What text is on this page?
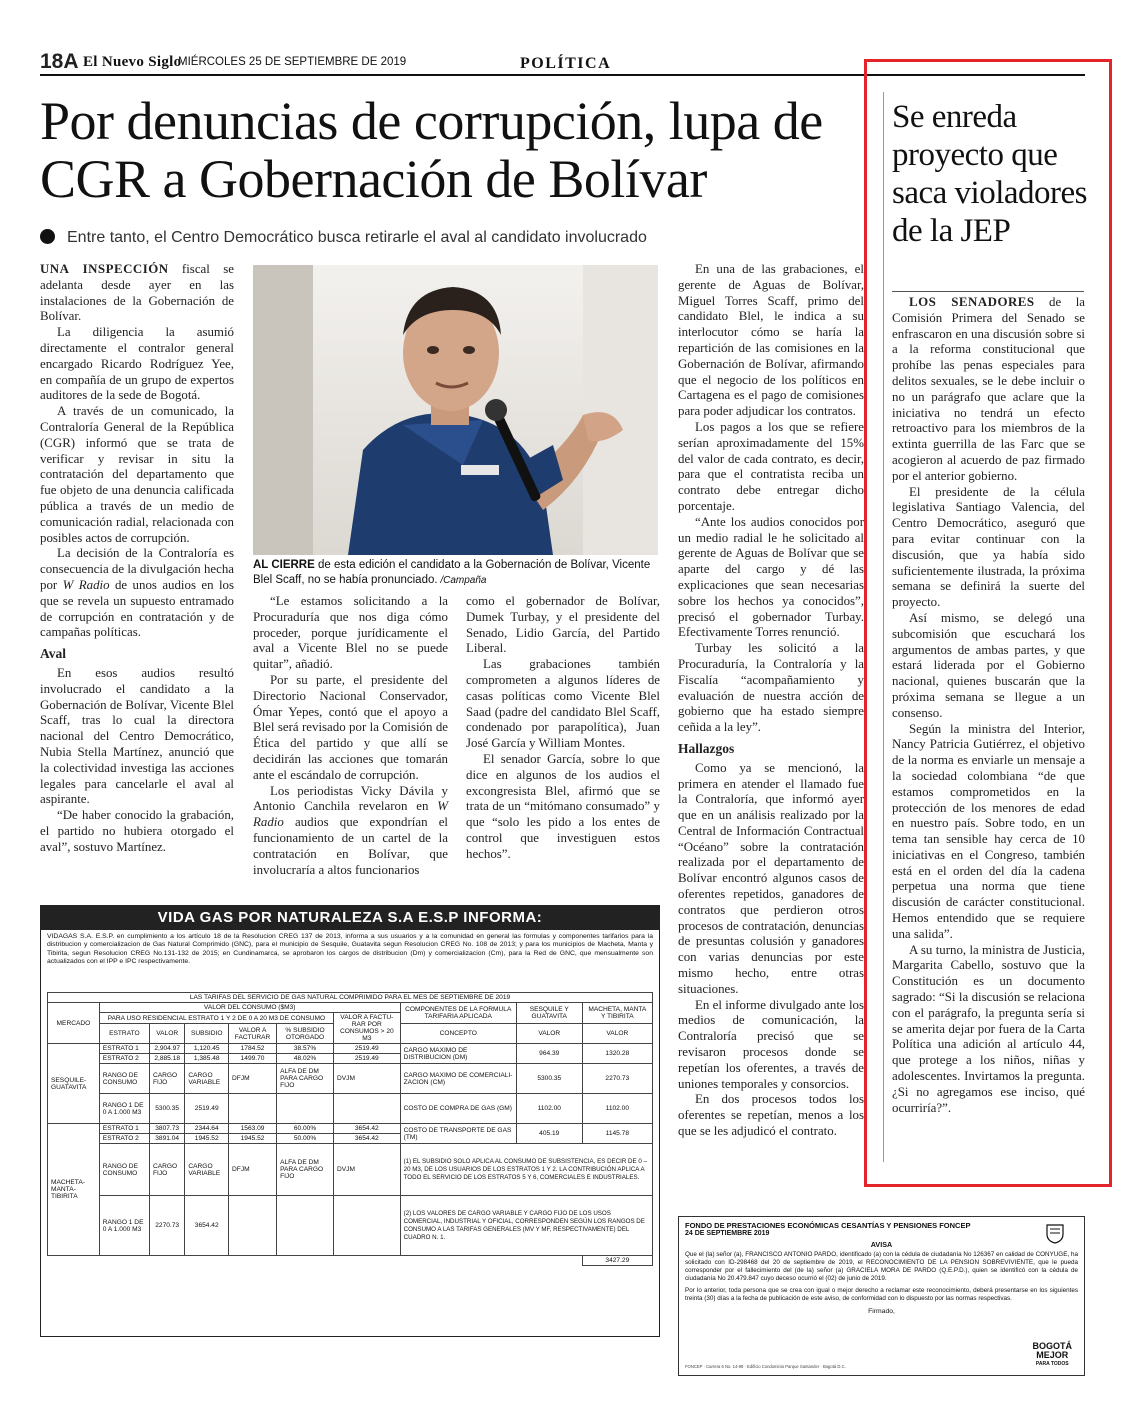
18A El Nuevo Siglo
MIÉRCOLES 25 DE SEPTIEMBRE DE 2019	POLÍTICA
Por denuncias de corrupción, lupa de CGR a Gobernación de Bolívar
Entre tanto, el Centro Democrático busca retirarle el aval al candidato involucrado

UNA INSPECCIÓN fiscal se adelanta desde ayer en las instalaciones de la Gobernación de Bolívar.

La diligencia la asumió directamente el contralor general encargado Ricardo Rodríguez Yee, en compañía de un grupo de expertos auditores de la sede de Bogotá.

A través de un comunicado, la Contraloría General de la República (CGR) informó que se trata de verificar y revisar in situ la contratación del departamento que fue objeto de una denuncia calificada pública a través de un medio de comunicación radial, relacionada con posibles actos de corrupción.

La decisión de la Contraloría es consecuencia de la divulgación hecha por W Radio de unos audios en los que se revela un supuesto entramado de corrupción en contratación y de campañas políticas.

Aval

En esos audios resultó involucrado el candidato a la Gobernación de Bolívar, Vicente Blel Scaff, tras lo cual la directora nacional del Centro Democrático, Nubia Stella Martínez, anunció que la colectividad investiga las acciones legales para cancelarle el aval al aspirante.

“De haber conocido la grabación, el partido no hubiera otorgado el aval”, sostuvo Martínez.

AL CIERRE de esta edición el candidato a la Gobernación de Bolívar, Vicente Blel Scaff, no se había pronunciado. /Campaña

“Le estamos solicitando a la Procuraduría que nos diga cómo proceder, porque jurídicamente el aval a Vicente Blel no se puede quitar”, añadió.

Por su parte, el presidente del Directorio Nacional Conservador, Ómar Yepes, contó que el apoyo a Blel será revisado por la Comisión de Ética del partido y que allí se decidirán las acciones que tomarán ante el escándalo de corrupción.

Los periodistas Vicky Dávila y Antonio Canchila revelaron en W Radio audios que expondrían el funcionamiento de un cartel de la contratación en Bolívar, que involucraría a altos funcionarios

como el gobernador de Bolívar, Dumek Turbay, y el presidente del Senado, Lidio García, del Partido Liberal.

Las grabaciones también comprometen a algunos líderes de casas políticas como Vicente Blel Saad (padre del candidato Blel Scaff, condenado por parapolítica), Juan José García y William Montes.

El senador García, sobre lo que dice en algunos de los audios el excongresista Blel, afirmó que se trata de un “mitómano consumado” y que “solo les pido a los entes de control que investiguen estos hechos”.

En una de las grabaciones, el gerente de Aguas de Bolívar, Miguel Torres Scaff, primo del candidato Blel, le indica a su interlocutor cómo se haría la repartición de las comisiones en la Gobernación de Bolívar, afirmando que el negocio de los políticos en Cartagena es el pago de comisiones para poder adjudicar los contratos.

Los pagos a los que se refiere serían aproximadamente del 15% del valor de cada contrato, es decir, para que el contratista reciba un contrato debe entregar dicho porcentaje.

“Ante los audios conocidos por un medio radial le he solicitado al gerente de Aguas de Bolívar que se aparte del cargo y dé las explicaciones que sean necesarias sobre los hechos ya conocidos”, precisó el gobernador Turbay. Efectivamente Torres renunció.

Turbay les solicitó a la Procuraduría, la Contraloría y la Fiscalía “acompañamiento y evaluación de nuestra acción de gobierno que ha estado siempre ceñida a la ley”.

Hallazgos

Como ya se mencionó, la primera en atender el llamado fue la Contraloría, que informó ayer que en un análisis realizado por la Central de Información Contractual “Océano” sobre la contratación realizada por el departamento de Bolívar encontró algunos casos de oferentes repetidos, ganadores de contratos que perdieron otros procesos de contratación, denuncias de presuntas colusión y ganadores con varias denuncias por este mismo hecho, entre otras situaciones.

En el informe divulgado ante los medios de comunicación, la Contraloría precisó que se revisaron procesos donde se repetían los oferentes, a través de uniones temporales y consorcios.

En dos procesos todos los oferentes se repetían, menos a los que se les adjudicó el contrato.

Se enreda proyecto que saca violadores de la JEP

LOS SENADORES de la Comisión Primera del Senado se enfrascaron en una discusión sobre si a la reforma constitucional que prohíbe las penas especiales para delitos sexuales, se le debe incluir o no un parágrafo que aclare que la iniciativa no tendrá un efecto retroactivo para los miembros de la extinta guerrilla de las Farc que se acogieron al acuerdo de paz firmado por el anterior gobierno.

El presidente de la célula legislativa Santiago Valencia, del Centro Democrático, aseguró que para evitar continuar con la discusión, que ya había sido suficientemente ilustrada, la próxima semana se definirá la suerte del proyecto.

Así mismo, se delegó una subcomisión que escuchará los argumentos de ambas partes, y que estará liderada por el Gobierno nacional, quienes buscarán que la próxima semana se llegue a un consenso.

Según la ministra del Interior, Nancy Patricia Gutiérrez, el objetivo de la norma es enviarle un mensaje a la sociedad colombiana “de que estamos comprometidos en la protección de los menores de edad en nuestro país. Sobre todo, en un tema tan sensible hay cerca de 10 iniciativas en el Congreso, también está en el orden del día la cadena perpetua una norma que tiene discusión de carácter constitucional. Hemos entendido que se requiere una salida”.

A su turno, la ministra de Justicia, Margarita Cabello, sostuvo que la Constitución es un documento sagrado: “Si la discusión se relaciona con el parágrafo, la pregunta sería si se amerita dejar por fuera de la Carta Política una adición al artículo 44, que protege a los niños, niñas y adolescentes. Invirtamos la pregunta. ¿Si no agregamos ese inciso, qué ocurriría?”.

VIDA GAS POR NATURALEZA S.A E.S.P INFORMA:
VIDAGAS S.A. E.S.P. en cumplimiento a los artículo 18 de la Resolucion CREG 137 de 2013, informa a sus usuarios y a la comunidad en general las formulas y componentes tarifarios para la distribucion y comercializacion de Gas Natural Comprimido (GNC), para el municipio de Sesquile, Guatavita segun Resolucion CREG No. 108 de 2013; y para los municipios de Macheta, Manta y Tibirita, segun Resolucion CREG No.131-132 de 2015; en Cundinamarca, se aprobaron los cargos de distribucion (Dm) y comercializacion (Cm), para la Red de GNC, que mensualmente son actualizados con el IPP e IPC respectivamente.
LAS TARIFAS DEL SERVICIO DE GAS NATURAL COMPRIMIDO PARA EL MES DE SEPTIEMBRE DE 2019									
MERCADO	VALOR DEL CONSUMO ($M3)						COMPONENTES DE LA FORMULA TARIFARIA APLICADA	SESQUILE Y GUATAVITA	MACHETA, MANTA Y TIBIRITA
	PARA USO RESIDENCIAL ESTRATO 1 Y 2 DE 0 A 20 M3 DE CONSUMO					VALOR A FACTU-RAR POR CONSUMOS > 20 M3			
	ESTRATO	VALOR	SUBSIDIO	VALOR A FACTURAR	% SUBSIDIO OTORGADO		CONCEPTO	VALOR	VALOR
SESQUILE-GUATAVITA	ESTRATO 1	2,904.97	1,120.45	1784.52	38.57%	2519.49	CARGO MAXIMO DE DISTRIBUCION (DM)	964.39	1320.28
	ESTRATO 2	2,885.18	1,385.48	1499.70	48.02%	2519.49			
	RANGO DE CONSUMO	CARGO FIJO	CARGO VARIABLE	DFJM	ALFA DE DM PARA CARGO FIJO	DVJM	CARGO MAXIMO DE COMERCIALI-ZACION (CM)	5300.35	2270.73
	RANGO 1 DE 0 A 1.000 M3	5300.35	2519.49				COSTO DE COMPRA DE GAS (GM)	1102.00	1102.00
MACHETA-MANTA-TIBIRITA	ESTRATO 1	3807.73	2344.64	1563.09	60.00%	3654.42	COSTO DE TRANSPORTE DE GAS (TM)	405.19	1145.78
	ESTRATO 2	3891.04	1945.52	1945.52	50.00%	3654.42			
	RANGO DE CONSUMO	CARGO FIJO	CARGO VARIABLE	DFJM	ALFA DE DM PARA CARGO FIJO	DVJM	(1) EL SUBSIDIO SOLO APLICA AL CONSUMO DE SUBSISTENCIA, ES DECIR DE 0 – 20 M3, DE LOS USUARIOS DE LOS ESTRATOS 1 Y 2. LA CONTRIBUCIÓN APLICA A TODO EL SERVICIO DE LOS ESTRATOS 5 Y 6, COMERCIALES E INDUSTRIALES.		
	RANGO 1 DE 0 A 1.000 M3	2270.73	3654.42				(2) LOS VALORES DE CARGO VARIABLE Y CARGO FIJO DE LOS USOS COMERCIAL, INDUSTRIAL Y OFICIAL, CORRESPONDEN SEGÚN LOS RANGOS DE CONSUMO A LAS TARIFAS GENERALES (MV Y MF, RESPECTIVAMENTE) DEL CUADRO N. 1.		
									3427.29
FONDO DE PRESTACIONES ECONÓMICAS CESANTÍAS Y PENSIONES FONCEP
24 DE SEPTIEMBRE 2019
AVISA
Que el (la) señor (a), FRANCISCO ANTONIO PARDO, identificado (a) con la cédula de ciudadanía No 126367 en calidad de CONYUGE, ha solicitado con ID-298468 del 20 de septiembre de 2019, el RECONOCIMIENTO DE LA PENSION SOBREVIVIENTE, que le pueda corresponder por el fallecimiento del (de la) señor (a) GRACIELA MORA DE PARDO (Q.E.P.D.), quien se identificó con la cédula de ciudadanía No 20.479.847 cuyo deceso ocurrió el (02) de junio de 2019.
Por lo anterior, toda persona que se crea con igual o mejor derecho a reclamar este reconocimiento, deberá presentarse en los siguientes treinta (30) días a la fecha de publicación de este aviso, de conformidad con lo dispuesto por las normas respectivas.
Firmado,
FONCEP · Carrera 6 No. 14-98 · Edificio Condominio Parque Santander · Bogotá D.C.
BOGOTÁ
MEJOR
PARA TODOS
